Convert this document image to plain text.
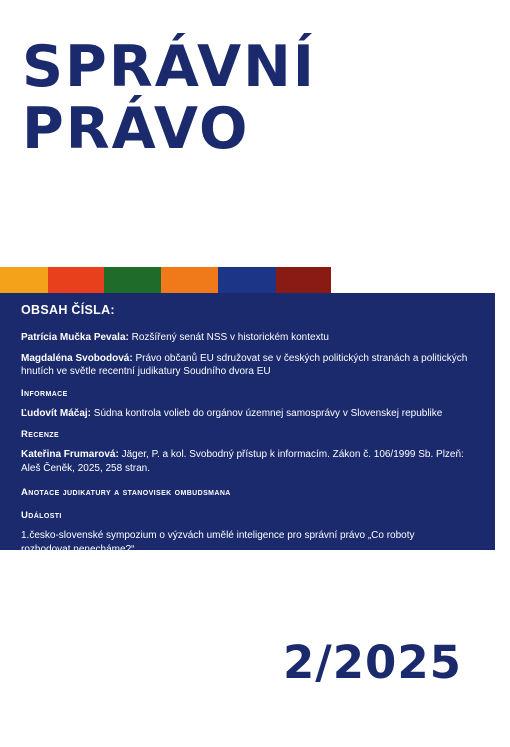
SPRÁVNÍ
PRÁVO
OBSAH ČÍSLA:
Patrícia Mučka Pevala: Rozšířený senát NSS v historickém kontextu
Magdaléna Svobodová: Právo občanů EU sdružovat se v českých politických stranách a politických hnutích ve světle recentní judikatury Soudního dvora EU
Informace
Ľudovít Máčaj: Súdna kontrola volieb do orgánov územnej samosprávy v Slovenskej republike
Recenze
Kateřina Frumarová: Jäger, P. a kol. Svobodný přístup k informacím. Zákon č. 106/1999 Sb. Plzeň: Aleš Čeněk, 2025, 258 stran.
Anotace judikatury a stanovisek ombudsmana
Události
1.česko-slovenské sympozium o výzvách umělé inteligence pro správní právo „Co roboty rozhodovat nenecháme?“
2/2025
